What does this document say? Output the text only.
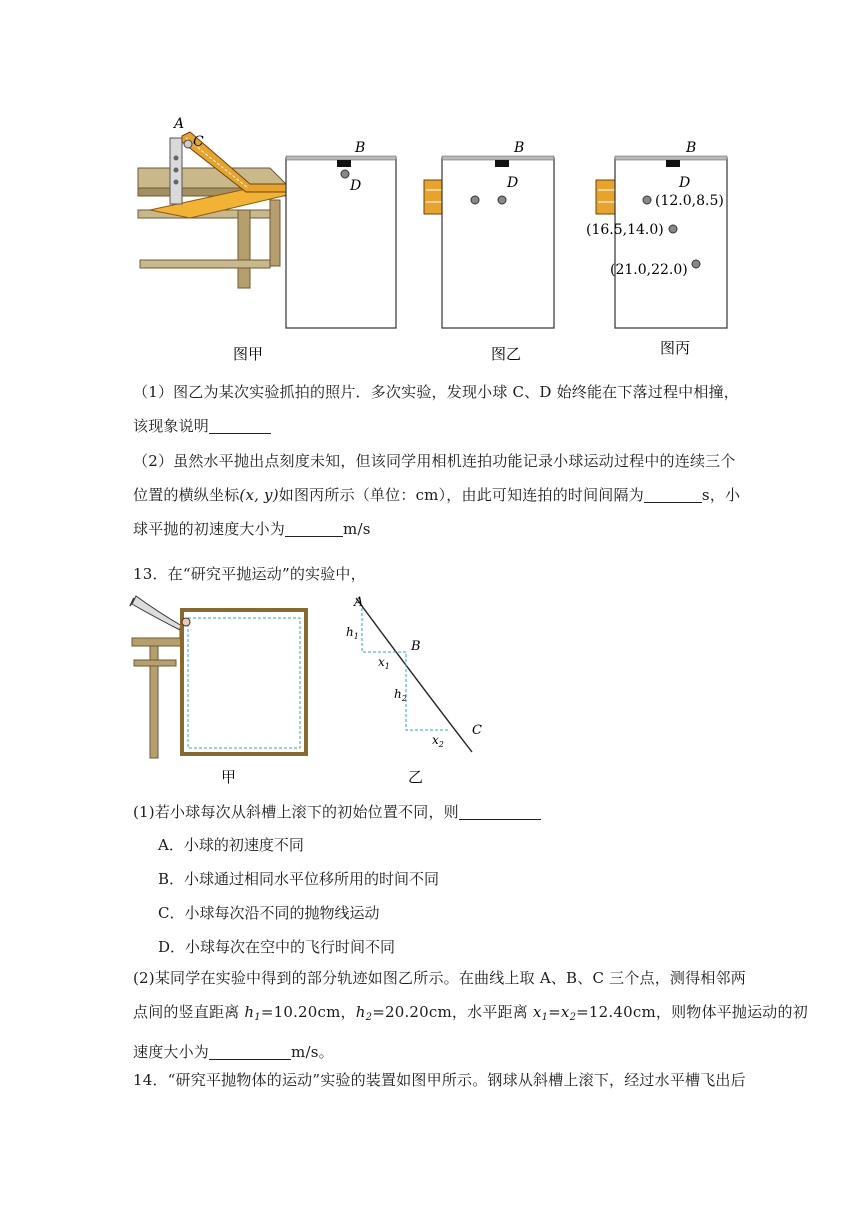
A
C	B
D
B
D
B
D
(12.0,8.5)
(16.5,14.0)
(21.0,22.0)
图甲	图乙	图丙

（1）图乙为某次实验抓拍的照片．多次实验，发现小球 C、D 始终能在下落过程中相撞，
该现象说明

（2）虽然水平抛出点刻度未知，但该同学用相机连拍功能记录小球运动过程中的连续三个
位置的横纵坐标(x, y)如图丙所示（单位：cm），由此可知连拍的时间间隔为	s，小
球平抛的初速度大小为	m/s

13．在“研究平抛运动”的实验中，

A
B
C
$h_1$
$x_1$
$h_2$
$x_2$
甲	乙

(1)若小球每次从斜槽上滚下的初始位置不同，则

A．小球的初速度不同
B．小球通过相同水平位移所用的时间不同
C．小球每次沿不同的抛物线运动
D．小球每次在空中的飞行时间不同

(2)某同学在实验中得到的部分轨迹如图乙所示。在曲线上取 A、B、C 三个点，测得相邻两
点间的竖直距离 $h_1=10.20cm$，$h_2=20.20cm$，水平距离 $x_1=x_2=12.40cm$，则物体平抛运动的初
速度大小为	m/s。

14．“研究平抛物体的运动”实验的装置如图甲所示。钢球从斜槽上滚下，经过水平槽飞出后
